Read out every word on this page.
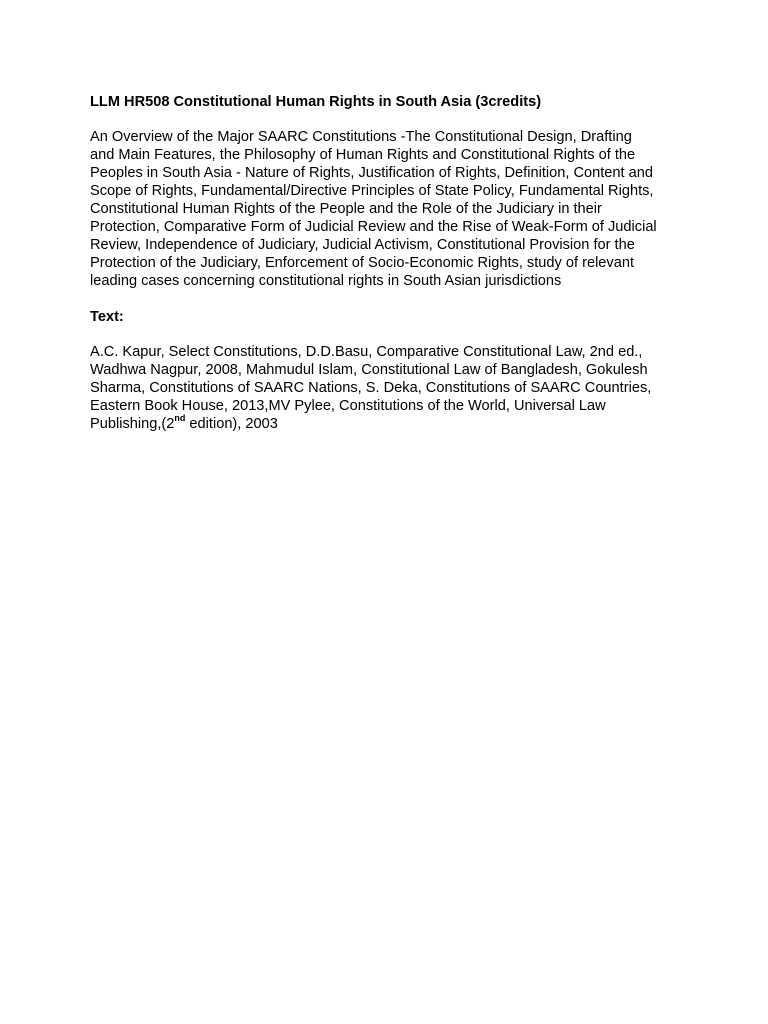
LLM HR508 Constitutional Human Rights in South Asia (3credits)

An Overview of the Major SAARC Constitutions -The Constitutional Design, Drafting
and Main Features, the Philosophy of Human Rights and Constitutional Rights of the
Peoples in South Asia - Nature of Rights, Justification of Rights, Definition, Content and
Scope of Rights, Fundamental/Directive Principles of State Policy, Fundamental Rights,
Constitutional Human Rights of the People and the Role of the Judiciary in their
Protection, Comparative Form of Judicial Review and the Rise of Weak-Form of Judicial
Review, Independence of Judiciary, Judicial Activism, Constitutional Provision for the
Protection of the Judiciary, Enforcement of Socio-Economic Rights, study of relevant
leading cases concerning constitutional rights in South Asian jurisdictions

Text:

A.C. Kapur, Select Constitutions, D.D.Basu, Comparative Constitutional Law, 2nd ed.,
Wadhwa Nagpur, 2008, Mahmudul Islam, Constitutional Law of Bangladesh, Gokulesh
Sharma, Constitutions of SAARC Nations, S. Deka, Constitutions of SAARC Countries,
Eastern Book House, 2013,MV Pylee, Constitutions of the World, Universal Law
Publishing,(2nd edition), 2003
